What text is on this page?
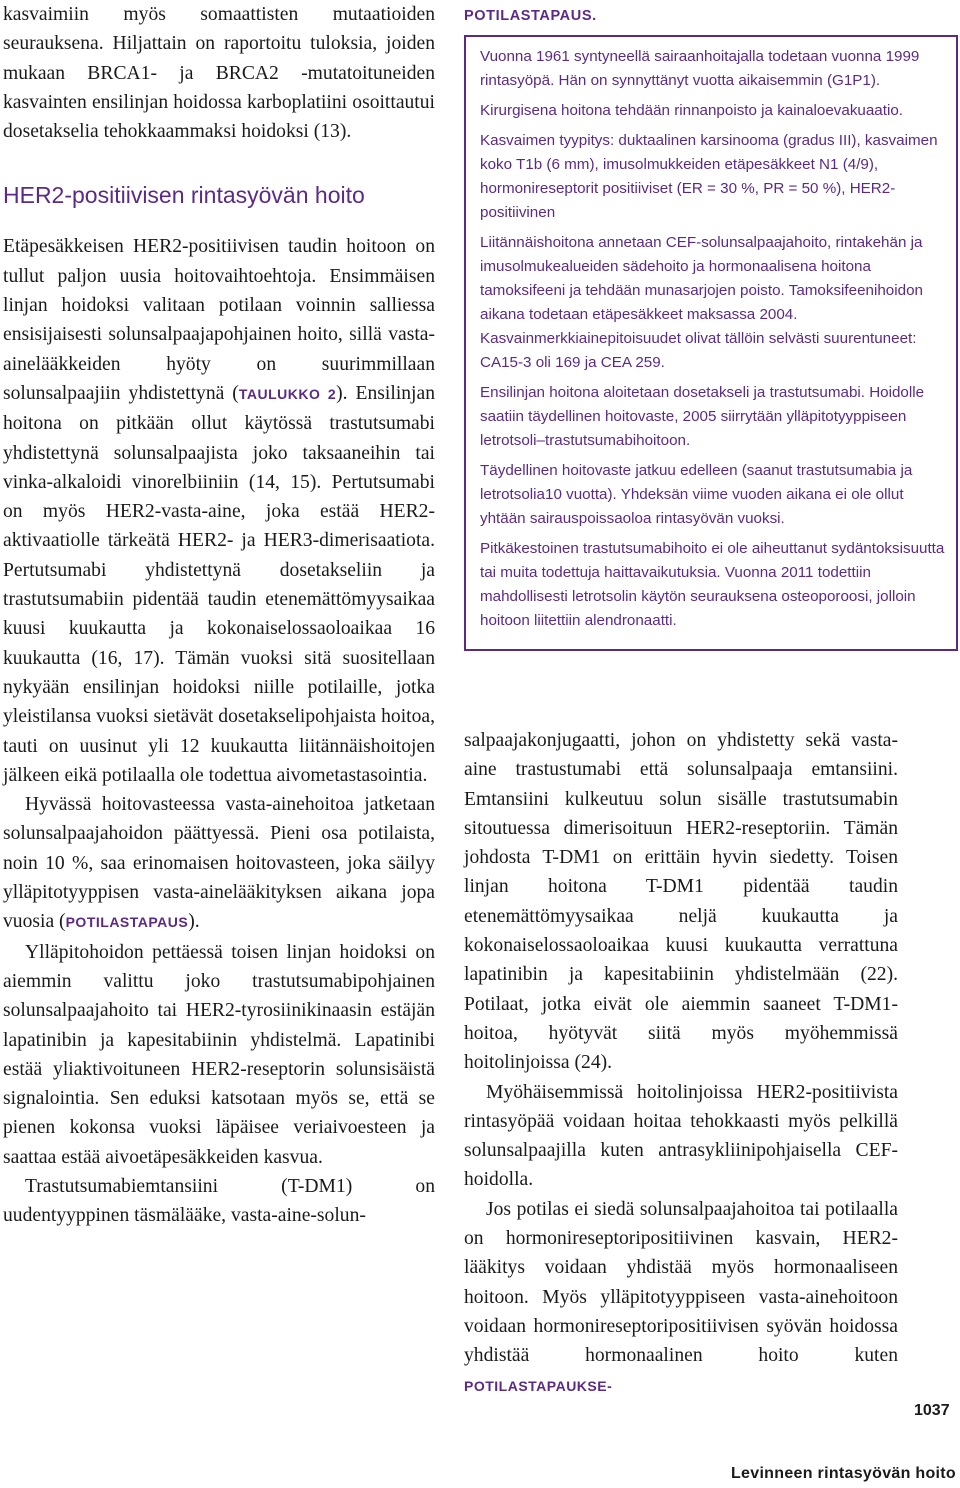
kasvaimiin myös somaattisten mutaatioiden seurauksena. Hiljattain on raportoitu tuloksia, joiden mukaan BRCA1- ja BRCA2 -mutatoituneiden kasvainten ensilinjan hoidossa karboplatiini osoittautui dosetakselia tehokkaammaksi hoidoksi (13).

HER2-positiivisen rintasyövän hoito

Etäpesäkkeisen HER2-positiivisen taudin hoitoon on tullut paljon uusia hoitovaihtoehtoja. Ensimmäisen linjan hoidoksi valitaan potilaan voinnin salliessa ensisijaisesti solunsalpaajapohjainen hoito, sillä vasta-ainelääkkeiden hyöty on suurimmillaan solunsalpaajiin yhdistettynä (TAULUKKO 2). Ensilinjan hoitona on pitkään ollut käytössä trastutsumabi yhdistettynä solunsalpaajista joko taksaaneihin tai vinka-alkaloidi vinorelbiiniin (14, 15). Pertutsumabi on myös HER2-vasta-aine, joka estää HER2-aktivaatiolle tärkeätä HER2- ja HER3-dimerisaatiota. Pertutsumabi yhdistettynä dosetakseliin ja trastutsumabiin pidentää taudin etenemättömyysaikaa kuusi kuukautta ja kokonaiselossaoloaikaa 16 kuukautta (16, 17). Tämän vuoksi sitä suositellaan nykyään ensilinjan hoidoksi niille potilaille, jotka yleistilansa vuoksi sietävät dosetakselipohjaista hoitoa, tauti on uusinut yli 12 kuukautta liitännäishoitojen jälkeen eikä potilaalla ole todettua aivometastasointia.

Hyvässä hoitovasteessa vasta-ainehoitoa jatketaan solunsalpaajahoidon päättyessä. Pieni osa potilaista, noin 10 %, saa erinomaisen hoitovasteen, joka säilyy ylläpitotyyppisen vasta-ainelääkityksen aikana jopa vuosia (POTILASTAPAUS).

Ylläpitohoidon pettäessä toisen linjan hoidoksi on aiemmin valittu joko trastutsumabipohjainen solunsalpaajahoito tai HER2-tyrosiinikinaasin estäjän lapatinibin ja kapesitabiinin yhdistelmä. Lapatinibi estää yliaktivoituneen HER2-reseptorin solunsisäistä signalointia. Sen eduksi katsotaan myös se, että se pienen kokonsa vuoksi läpäisee veriaivoesteen ja saattaa estää aivoetäpesäkkeiden kasvua.

Trastutsumabiemtansiini (T-DM1) on uudentyyppinen täsmälääke, vasta-aine-solun-

POTILASTAPAUS.

Vuonna 1961 syntyneellä sairaanhoitajalla todetaan vuonna 1999 rintasyöpä. Hän on synnyttänyt vuotta aikaisemmin (G1P1).

Kirurgisena hoitona tehdään rinnanpoisto ja kainaloevakuaatio.

Kasvaimen tyypitys: duktaalinen karsinooma (gradus III), kasvaimen koko T1b (6 mm), imusolmukkeiden etäpesäkkeet N1 (4/9), hormonireseptorit positiiviset (ER = 30 %, PR = 50 %), HER2-positiivinen

Liitännäishoitona annetaan CEF-solunsalpaajahoito, rintakehän ja imusolmukealueiden sädehoito ja hormonaalisena hoitona tamoksifeeni ja tehdään munasarjojen poisto. Tamoksifeenihoidon aikana todetaan etäpesäkkeet maksassa 2004. Kasvainmerkkiainepitoisuudet olivat tällöin selvästi suurentuneet: CA15-3 oli 169 ja CEA 259.

Ensilinjan hoitona aloitetaan dosetakseli ja trastutsumabi. Hoidolle saatiin täydellinen hoitovaste, 2005 siirrytään ylläpitotyyppiseen letrotsoli–trastutsumabihoitoon.

Täydellinen hoitovaste jatkuu edelleen (saanut trastutsumabia ja letrotsolia10 vuotta). Yhdeksän viime vuoden aikana ei ole ollut yhtään sairauspoissaoloa rintasyövän vuoksi.

Pitkäkestoinen trastutsumabihoito ei ole aiheuttanut sydäntoksisuutta tai muita todettuja haittavaikutuksia. Vuonna 2011 todettiin mahdollisesti letrotsolin käytön seurauksena osteoporoosi, jolloin hoitoon liitettiin alendronaatti.

salpaajakonjugaatti, johon on yhdistetty sekä vasta-aine trastustumabi että solunsalpaaja emtansiini. Emtansiini kulkeutuu solun sisälle trastutsumabin sitoutuessa dimerisoituun HER2-reseptoriin. Tämän johdosta T-DM1 on erittäin hyvin siedetty. Toisen linjan hoitona T-DM1 pidentää taudin etenemättömyysaikaa neljä kuukautta ja kokonaiselossaoloaikaa kuusi kuukautta verrattuna lapatinibin ja kapesitabiinin yhdistelmään (22). Potilaat, jotka eivät ole aiemmin saaneet T-DM1-hoitoa, hyötyvät siitä myös myöhemmissä hoitolinjoissa (24).

Myöhäisemmissä hoitolinjoissa HER2-positiivista rintasyöpää voidaan hoitaa tehokkaasti myös pelkillä solunsalpaajilla kuten antrasykliinipohjaisella CEF-hoidolla.

Jos potilas ei siedä solunsalpaajahoitoa tai potilaalla on hormonireseptoripositiivinen kasvain, HER2-lääkitys voidaan yhdistää myös hormonaaliseen hoitoon. Myös ylläpitotyyppiseen vasta-ainehoitoon voidaan hormonireseptoripositiivisen syövän hoidossa yhdistää hormonaalinen hoito kuten POTILASTAPAUKSE-

1037
Levinneen rintasyövän hoito
